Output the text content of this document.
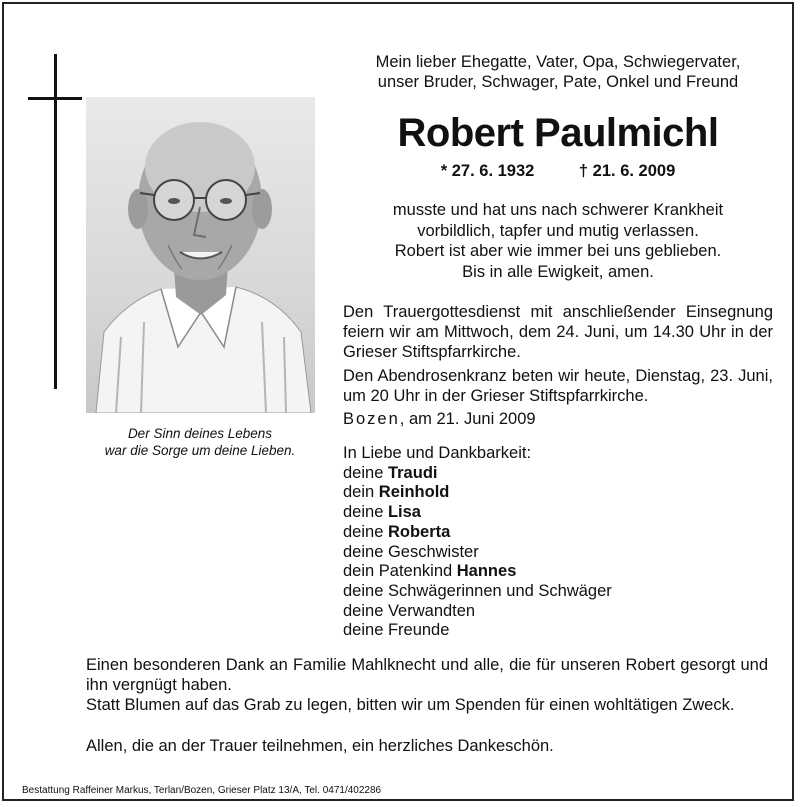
Der Sinn deines Lebens
war die Sorge um deine Lieben.
Mein lieber Ehegatte, Vater, Opa, Schwiegervater,
unser Bruder, Schwager, Pate, Onkel und Freund
Robert Paulmichl
* 27. 6. 1932	† 21. 6. 2009
musste und hat uns nach schwerer Krankheit
vorbildlich, tapfer und mutig verlassen.
Robert ist aber wie immer bei uns geblieben.
Bis in alle Ewigkeit, amen.
Den Trauergottesdienst mit anschließender Einsegnung feiern wir am Mittwoch, dem 24. Juni, um 14.30 Uhr in der Grieser Stiftspfarrkirche.
Den Abendrosenkranz beten wir heute, Dienstag, 23. Juni, um 20 Uhr in der Grieser Stiftspfarrkirche.
Bozen, am 21. Juni 2009
In Liebe und Dankbarkeit:
deine Traudi
dein Reinhold
deine Lisa
deine Roberta
deine Geschwister
dein Patenkind Hannes
deine Schwägerinnen und Schwäger
deine Verwandten
deine Freunde
Einen besonderen Dank an Familie Mahlknecht und alle, die für unseren Robert gesorgt und ihn vergnügt haben.
Statt Blumen auf das Grab zu legen, bitten wir um Spenden für einen wohltätigen Zweck.
Allen, die an der Trauer teilnehmen, ein herzliches Dankeschön.
Bestattung Raffeiner Markus, Terlan/Bozen, Grieser Platz 13/A, Tel. 0471/402286
